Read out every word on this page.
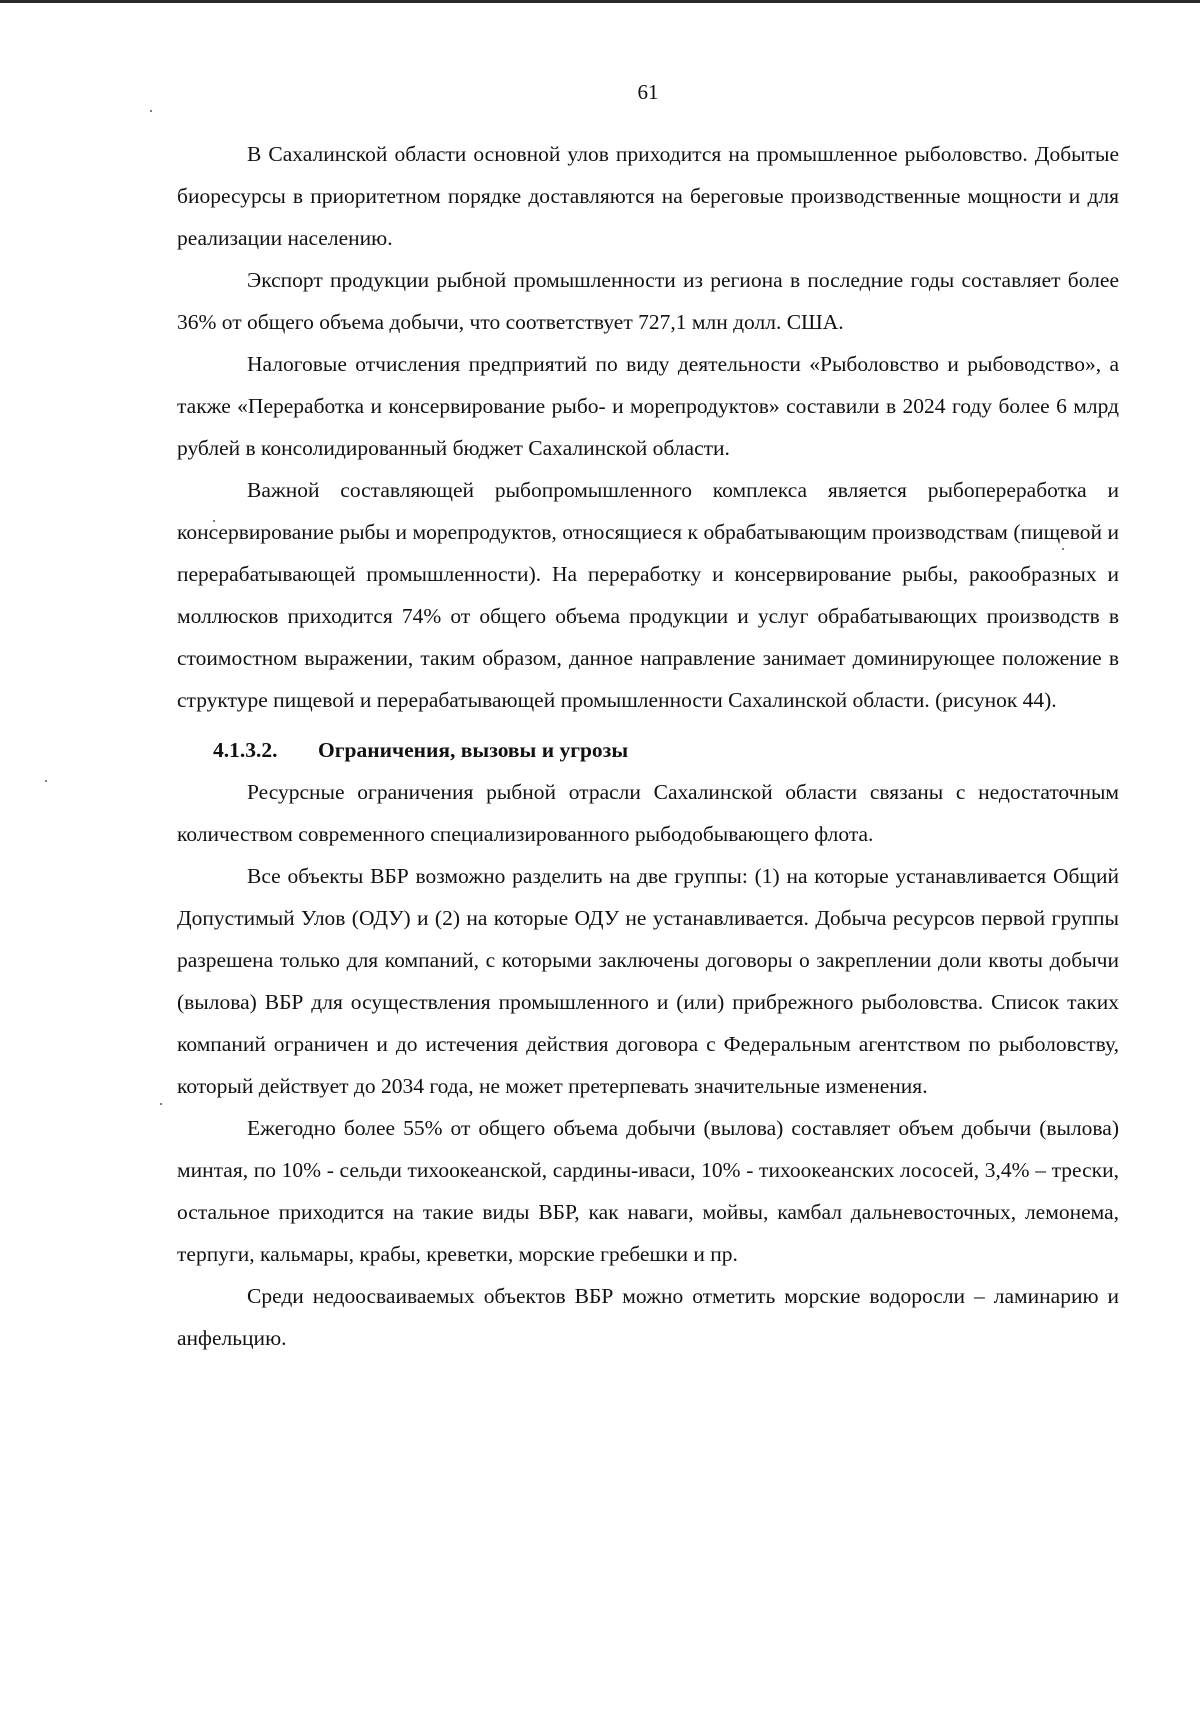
61

В Сахалинской области основной улов приходится на промышленное рыболовство. Добытые биоресурсы в приоритетном порядке доставляются на береговые производственные мощности и для реализации населению.

Экспорт продукции рыбной промышленности из региона в последние годы составляет более 36% от общего объема добычи, что соответствует 727,1 млн долл. США.

Налоговые отчисления предприятий по виду деятельности «Рыболовство и рыбоводство», а также «Переработка и консервирование рыбо- и морепродуктов» составили в 2024 году более 6 млрд рублей в консолидированный бюджет Сахалинской области.

Важной составляющей рыбопромышленного комплекса является рыбопереработка и консервирование рыбы и морепродуктов, относящиеся к обрабатывающим производствам (пищевой и перерабатывающей промышленности). На переработку и консервирование рыбы, ракообразных и моллюсков приходится 74% от общего объема продукции и услуг обрабатывающих производств в стоимостном выражении, таким образом, данное направление занимает доминирующее положение в структуре пищевой и перерабатывающей промышленности Сахалинской области. (рисунок 44).

4.1.3.2.	Ограничения, вызовы и угрозы

Ресурсные ограничения рыбной отрасли Сахалинской области связаны с недостаточным количеством современного специализированного рыбодобывающего флота.

Все объекты ВБР возможно разделить на две группы: (1) на которые устанавливается Общий Допустимый Улов (ОДУ) и (2) на которые ОДУ не устанавливается. Добыча ресурсов первой группы разрешена только для компаний, с которыми заключены договоры о закреплении доли квоты добычи (вылова) ВБР для осуществления промышленного и (или) прибрежного рыболовства. Список таких компаний ограничен и до истечения действия договора с Федеральным агентством по рыболовству, который действует до 2034 года, не может претерпевать значительные изменения.

Ежегодно более 55% от общего объема добычи (вылова) составляет объем добычи (вылова) минтая, по 10% - сельди тихоокеанской, сардины-иваси, 10% - тихоокеанских лососей, 3,4% – трески, остальное приходится на такие виды ВБР, как наваги, мойвы, камбал дальневосточных, лемонема, терпуги, кальмары, крабы, креветки, морские гребешки и пр.

Среди недоосваиваемых объектов ВБР можно отметить морские водоросли – ламинарию и анфельцию.
